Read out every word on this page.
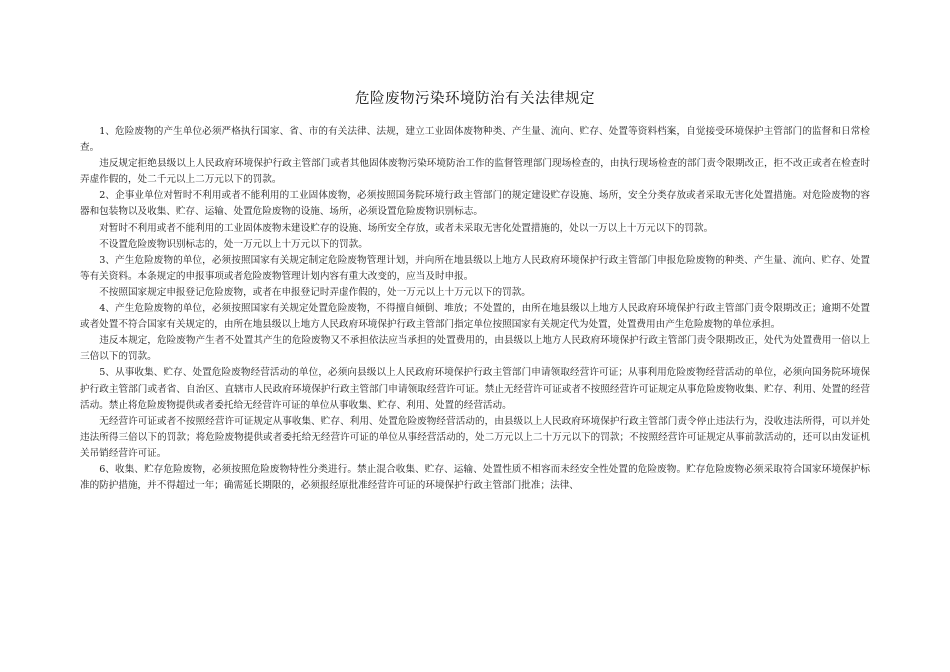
危险废物污染环境防治有关法律规定

1、危险废物的产生单位必须严格执行国家、省、市的有关法律、法规，建立工业固体废物种类、产生量、流向、贮存、处置等资料档案，自觉接受环境保护主管部门的监督和日常检查。

违反规定拒绝县级以上人民政府环境保护行政主管部门或者其他固体废物污染环境防治工作的监督管理部门现场检查的，由执行现场检查的部门责令限期改正，拒不改正或者在检查时弄虚作假的，处二千元以上二万元以下的罚款。

2、企事业单位对暂时不利用或者不能利用的工业固体废物，必须按照国务院环境行政主管部门的规定建设贮存设施、场所，安全分类存放或者采取无害化处置措施。对危险废物的容器和包装物以及收集、贮存、运输、处置危险废物的设施、场所，必须设置危险废物识别标志。

对暂时不利用或者不能利用的工业固体废物未建设贮存的设施、场所安全存放，或者未采取无害化处置措施的，处以一万以上十万元以下的罚款。

不设置危险废物识别标志的，处一万元以上十万元以下的罚款。

3、产生危险废物的单位，必须按照国家有关规定制定危险废物管理计划，并向所在地县级以上地方人民政府环境保护行政主管部门申报危险废物的种类、产生量、流向、贮存、处置等有关资料。本条规定的申报事项或者危险废物管理计划内容有重大改变的，应当及时申报。

不按照国家规定申报登记危险废物，或者在申报登记时弄虚作假的，处一万元以上十万元以下的罚款。

4、产生危险废物的单位，必须按照国家有关规定处置危险废物，不得擅自倾倒、堆放；不处置的，由所在地县级以上地方人民政府环境保护行政主管部门责令限期改正；逾期不处置或者处置不符合国家有关规定的，由所在地县级以上地方人民政府环境保护行政主管部门指定单位按照国家有关规定代为处置，处置费用由产生危险废物的单位承担。

违反本规定，危险废物产生者不处置其产生的危险废物又不承担依法应当承担的处置费用的，由县级以上地方人民政府环境保护行政主管部门责令限期改正，处代为处置费用一倍以上三倍以下的罚款。

5、从事收集、贮存、处置危险废物经营活动的单位，必须向县级以上人民政府环境保护行政主管部门申请领取经营许可证；从事利用危险废物经营活动的单位，必须向国务院环境保护行政主管部门或者省、自治区、直辖市人民政府环境保护行政主管部门申请领取经营许可证。禁止无经营许可证或者不按照经营许可证规定从事危险废物收集、贮存、利用、处置的经营活动。禁止将危险废物提供或者委托给无经营许可证的单位从事收集、贮存、利用、处置的经营活动。

无经营许可证或者不按照经营许可证规定从事收集、贮存、利用、处置危险废物经营活动的，由县级以上人民政府环境保护行政主管部门责令停止违法行为，没收违法所得，可以并处违法所得三倍以下的罚款；将危险废物提供或者委托给无经营许可证的单位从事经营活动的，处二万元以上二十万元以下的罚款；不按照经营许可证规定从事前款活动的，还可以由发证机关吊销经营许可证。

6、收集、贮存危险废物，必须按照危险废物特性分类进行。禁止混合收集、贮存、运输、处置性质不相容而未经安全性处置的危险废物。贮存危险废物必须采取符合国家环境保护标准的防护措施，并不得超过一年；确需延长期限的，必须报经原批准经营许可证的环境保护行政主管部门批准；法律、
